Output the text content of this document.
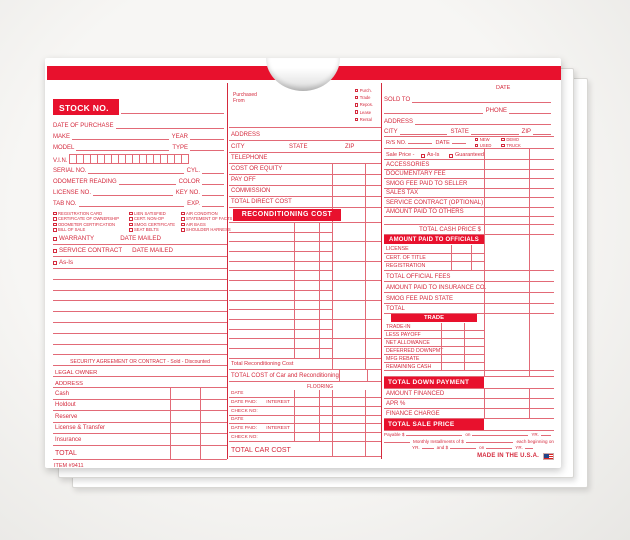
STOCK NO.
DATE OF PURCHASE
MAKE	YEAR
MODEL	TYPE
V.I.N.
SERIAL NO.	CYL.
ODOMETER READING	COLOR
LICENSE NO.	KEY NO.
TAB NO.	EXP.
REGISTRATION CARD
CERTIFICATE OF OWNERSHIP
ODOMETER CERTIFICATION
BILL OF SALE
LIEN SATISFIED
CERT. NON-OP
SMOG CERTIFICATE
SEAT BELTS
AIR CONDITION
STATEMENT OF FACTS
AIR BAGS
SHOULDER HARNESS
WARRANTY	DATE MAILED
SERVICE CONTRACT DATE MAILED
As-Is
SECURITY AGREEMENT OR CONTRACT - Sold - Discounted
LEGAL OWNER
ADDRESS
Cash
Holdout
Reserve
License & Transfer
Insurance
TOTAL
ITEM #9411
Purchased
From
Purch.
Trade
Repos.
Lease
Rental
ADDRESS
CITY	STATE	ZIP
TELEPHONE
COST OR EQUITY
PAY OFF
COMMISSION
TOTAL DIRECT COST
RECONDITIONING COST
Total Reconditioning Cost
TOTAL COST of Car and Reconditioning
FLOORING
DATE
DATE PAID: INTEREST
CHECK NO:
DATE
DATE PAID: INTEREST
CHECK NO:
TOTAL CAR COST
DATE
SOLD TO
PHONE
ADDRESS
CITY	STATE	ZIP
R/S NO.	DATE	NEW
USED
DEMO
TRUCK
Sale Price - As-Is	Guaranteed
ACCESSORIES
DOCUMENTARY FEE
SMOG FEE PAID TO SELLER
SALES TAX
SERVICE CONTRACT (OPTIONAL)
AMOUNT PAID TO OTHERS
TOTAL CASH PRICE $
AMOUNT PAID TO OFFICIALS
LICENSE
CERT. OF TITLE
REGISTRATION
TOTAL OFFICIAL FEES
AMOUNT PAID TO INSURANCE CO.
SMOG FEE PAID STATE
TOTAL
TRADE
TRADE-IN
LESS PAYOFF
NET ALLOWANCE
DEFERRED DOWNPMT
MFG REBATE
REMAINING CASH
TOTAL DOWN PAYMENT
AMOUNT FINANCED
APR %
FINANCE CHARGE
TOTAL SALE PRICE
Payable $	on	YR.
Monthly Installments of $	each beginning on
YR.	and $	on	YR.
MADE IN THE U.S.A.
